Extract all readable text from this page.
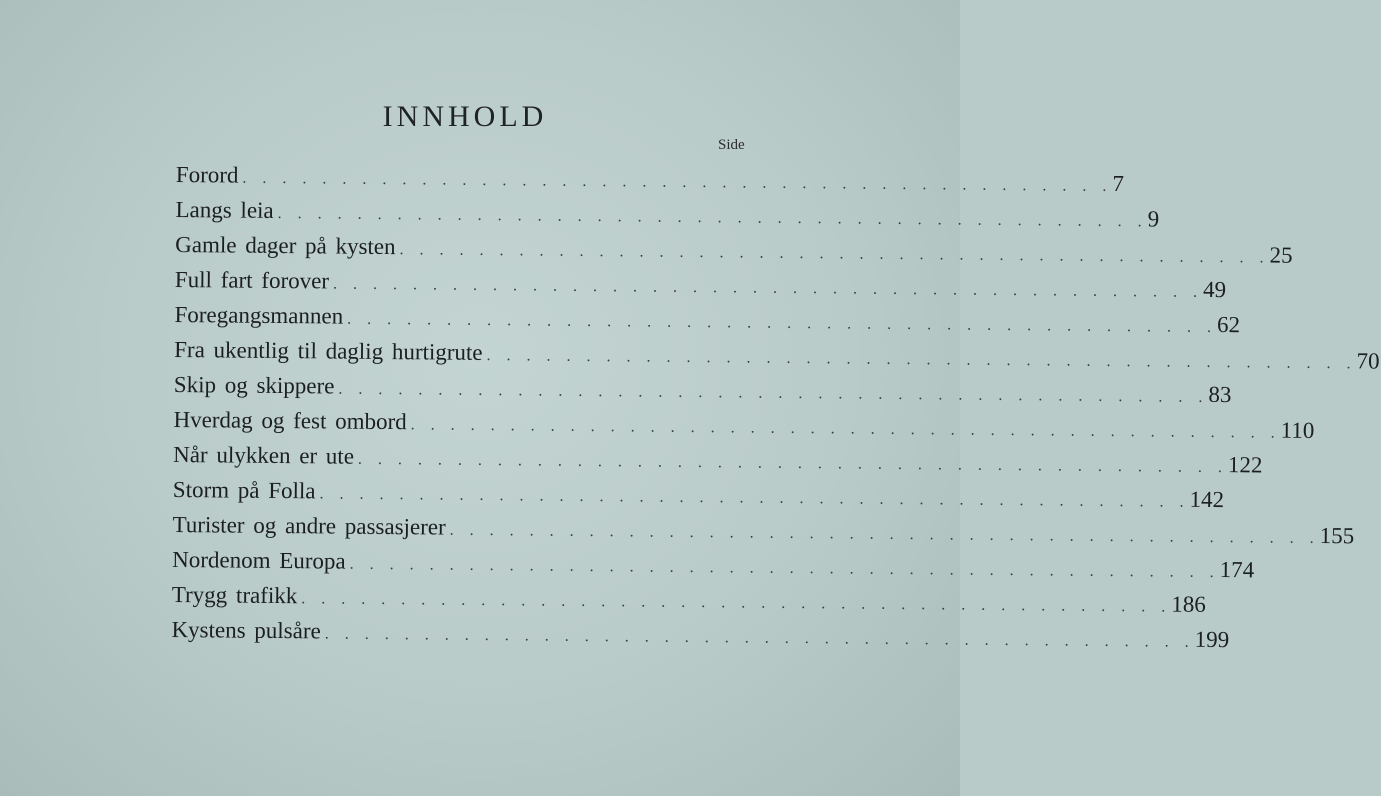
INNHOLD
Side
Forord . . . . . . . . . . . . . . . . . . . . . . . . . . . . . . . . . . . . . . . . . . . . 7
Langs leia . . . . . . . . . . . . . . . . . . . . . . . . . . . . . . . . . . . . . . . . . . . . 9
Gamle dager på kysten . . . . . . . . . . . . . . . . . . . . . . . . . . . . . . . . . . . . . . . . . . . . 25
Full fart forover . . . . . . . . . . . . . . . . . . . . . . . . . . . . . . . . . . . . . . . . . . . . 49
Foregangsmannen . . . . . . . . . . . . . . . . . . . . . . . . . . . . . . . . . . . . . . . . . . . . 62
Fra ukentlig til daglig hurtigrute . . . . . . . . . . . . . . . . . . . . . . . . . . . . . . . . . . . . . . . . . . . . 70
Skip og skippere . . . . . . . . . . . . . . . . . . . . . . . . . . . . . . . . . . . . . . . . . . . . 83
Hverdag og fest ombord . . . . . . . . . . . . . . . . . . . . . . . . . . . . . . . . . . . . . . . . . . . . 110
Når ulykken er ute . . . . . . . . . . . . . . . . . . . . . . . . . . . . . . . . . . . . . . . . . . . . 122
Storm på Folla . . . . . . . . . . . . . . . . . . . . . . . . . . . . . . . . . . . . . . . . . . . . 142
Turister og andre passasjerer . . . . . . . . . . . . . . . . . . . . . . . . . . . . . . . . . . . . . . . . . . . . 155
Nordenom Europa . . . . . . . . . . . . . . . . . . . . . . . . . . . . . . . . . . . . . . . . . . . . 174
Trygg trafikk . . . . . . . . . . . . . . . . . . . . . . . . . . . . . . . . . . . . . . . . . . . . 186
Kystens pulsåre . . . . . . . . . . . . . . . . . . . . . . . . . . . . . . . . . . . . . . . . . . . . 199
